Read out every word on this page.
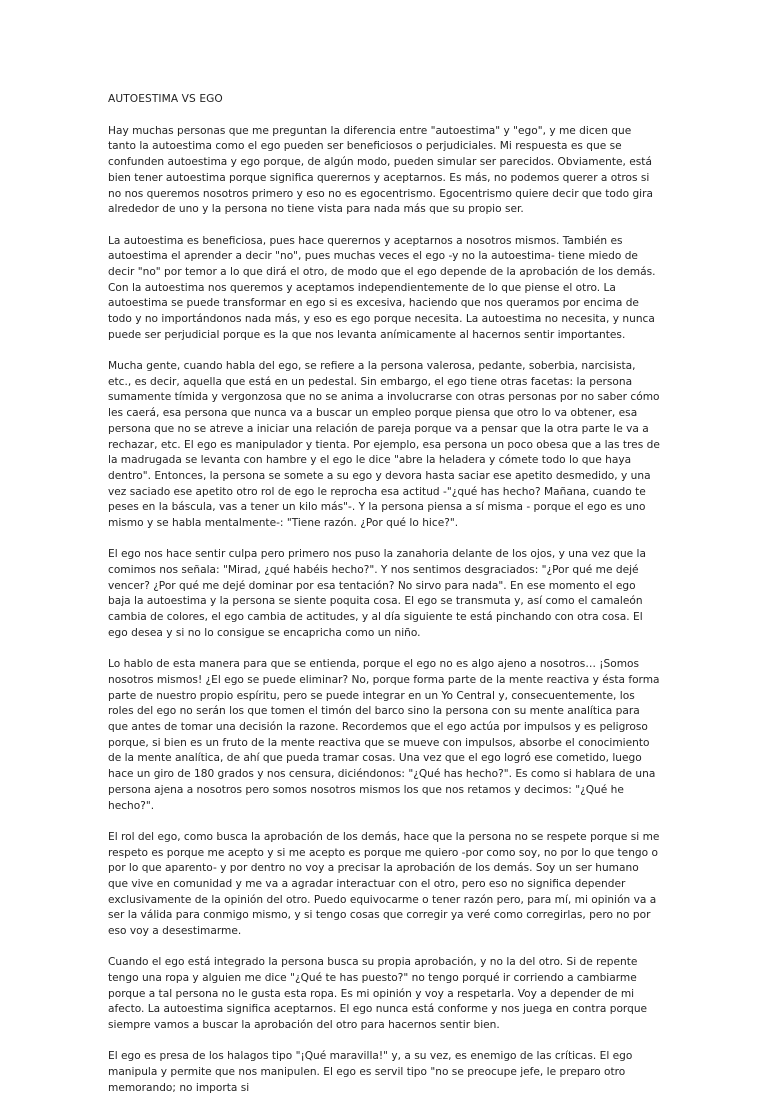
AUTOESTIMA VS EGO

Hay muchas personas que me preguntan la diferencia entre "autoestima" y "ego", y me dicen que tanto la autoestima como el ego pueden ser beneficiosos o perjudiciales. Mi respuesta es que se confunden autoestima y ego porque, de algún modo, pueden simular ser parecidos. Obviamente, está bien tener autoestima porque significa querernos y aceptarnos. Es más, no podemos querer a otros si no nos queremos nosotros primero y eso no es egocentrismo. Egocentrismo quiere decir que todo gira alrededor de uno y la persona no tiene vista para nada más que su propio ser.

La autoestima es beneficiosa, pues hace querernos y aceptarnos a nosotros mismos. También es autoestima el aprender a decir "no", pues muchas veces el ego -y no la autoestima- tiene miedo de decir "no" por temor a lo que dirá el otro, de modo que el ego depende de la aprobación de los demás. Con la autoestima nos queremos y aceptamos independientemente de lo que piense el otro. La autoestima se puede transformar en ego si es excesiva, haciendo que nos queramos por encima de todo y no importándonos nada más, y eso es ego porque necesita. La autoestima no necesita, y nunca puede ser perjudicial porque es la que nos levanta anímicamente al hacernos sentir importantes.

Mucha gente, cuando habla del ego, se refiere a la persona valerosa, pedante, soberbia, narcisista, etc., es decir, aquella que está en un pedestal. Sin embargo, el ego tiene otras facetas: la persona sumamente tímida y vergonzosa que no se anima a involucrarse con otras personas por no saber cómo les caerá, esa persona que nunca va a buscar un empleo porque piensa que otro lo va obtener, esa persona que no se atreve a iniciar una relación de pareja porque va a pensar que la otra parte le va a rechazar, etc. El ego es manipulador y tienta. Por ejemplo, esa persona un poco obesa que a las tres de la madrugada se levanta con hambre y el ego le dice "abre la heladera y cómete todo lo que haya dentro". Entonces, la persona se somete a su ego y devora hasta saciar ese apetito desmedido, y una vez saciado ese apetito otro rol de ego le reprocha esa actitud -"¿qué has hecho? Mañana, cuando te peses en la báscula, vas a tener un kilo más"-. Y la persona piensa a sí misma - porque el ego es uno mismo y se habla mentalmente-: "Tiene razón. ¿Por qué lo hice?".

El ego nos hace sentir culpa pero primero nos puso la zanahoria delante de los ojos, y una vez que la comimos nos señala: "Mirad, ¿qué habéis hecho?". Y nos sentimos desgraciados: "¿Por qué me dejé vencer? ¿Por qué me dejé dominar por esa tentación? No sirvo para nada". En ese momento el ego baja la autoestima y la persona se siente poquita cosa. El ego se transmuta y, así como el camaleón cambia de colores, el ego cambia de actitudes, y al día siguiente te está pinchando con otra cosa. El ego desea y si no lo consigue se encapricha como un niño.

Lo hablo de esta manera para que se entienda, porque el ego no es algo ajeno a nosotros… ¡Somos nosotros mismos! ¿El ego se puede eliminar? No, porque forma parte de la mente reactiva y ésta forma parte de nuestro propio espíritu, pero se puede integrar en un Yo Central y, consecuentemente, los roles del ego no serán los que tomen el timón del barco sino la persona con su mente analítica para que antes de tomar una decisión la razone. Recordemos que el ego actúa por impulsos y es peligroso porque, si bien es un fruto de la mente reactiva que se mueve con impulsos, absorbe el conocimiento de la mente analítica, de ahí que pueda tramar cosas. Una vez que el ego logró ese cometido, luego hace un giro de 180 grados y nos censura, diciéndonos: "¿Qué has hecho?". Es como si hablara de una persona ajena a nosotros pero somos nosotros mismos los que nos retamos y decimos: "¿Qué he hecho?".

El rol del ego, como busca la aprobación de los demás, hace que la persona no se respete porque si me respeto es porque me acepto y si me acepto es porque me quiero -por como soy, no por lo que tengo o por lo que aparento- y por dentro no voy a precisar la aprobación de los demás. Soy un ser humano que vive en comunidad y me va a agradar interactuar con el otro, pero eso no significa depender exclusivamente de la opinión del otro. Puedo equivocarme o tener razón pero, para mí, mi opinión va a ser la válida para conmigo mismo, y si tengo cosas que corregir ya veré como corregirlas, pero no por eso voy a desestimarme.

Cuando el ego está integrado la persona busca su propia aprobación, y no la del otro. Si de repente tengo una ropa y alguien me dice "¿Qué te has puesto?" no tengo porqué ir corriendo a cambiarme porque a tal persona no le gusta esta ropa. Es mi opinión y voy a respetarla. Voy a depender de mi afecto. La autoestima significa aceptarnos. El ego nunca está conforme y nos juega en contra porque siempre vamos a buscar la aprobación del otro para hacernos sentir bien.

El ego es presa de los halagos tipo "¡Qué maravilla!" y, a su vez, es enemigo de las críticas. El ego manipula y permite que nos manipulen. El ego es servil tipo "no se preocupe jefe, le preparo otro memorando; no importa si
